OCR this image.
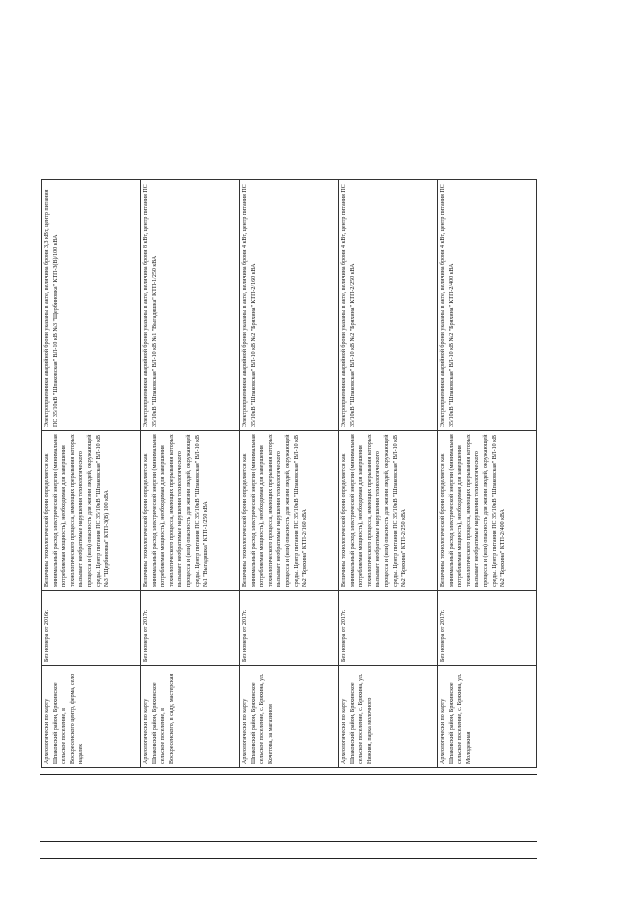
Археологически по карту Шпаковский район, Бряхинское сельское поселение, в Воскресенского центр, ферма, село надалек	Без номера от 2016г.	Величины технологической брони определяется как минимальный расход электрической энергии (минимальная потребляемая мощность), необходимая для завершения технологического процесса, имеющих прерывания которых вызывает необратимые нарушения технологического процесса и (или) опасность для жизни людей, окружающей среды. Центр питания ПС 35/10кВ "Шпаковская" ВЛ-10 кВ №3 "Щербиновка" КТП-3(В) 100 кВА	Электроприемники аварийной брони указаны в акте, величина брони 3,3 кВт, центр питания ПС 35/10кВ "Шпаковская" ВЛ-10 кВ №3 "Щербиновка" КТП-3(В)/100 кВА
Археологически по карту Шпаковский район, Бряхинское сельское поселение, в Воскресенского, в саду, мастерская	Без номера от 2017г.	Величины технологической брони определяется как минимальный расход электрической энергии (минимальная потребляемая мощность), необходимая для завершения технологического процесса, имеющих прерывания которых вызывает необратимые нарушения технологического процесса и (или) опасность для жизни людей, окружающей среды. Центр питания ПС 35/10кВ "Шпаковская" ВЛ-10 кВ №1 "Выгадяшка" КТП-1/250 кВА	Электроприемники аварийной брони указаны в акте, величина брони 8 кВт, центр питания ПС 35/10кВ "Шпаковская" ВЛ-10 кВ №1 "Выгадяшка" КТП-1/250 кВА
Археологически по карту Шпаковский район, Бряхинское сельское поселение, с. Бряхина, ул. Кочетова, за магазином	Без номера от 2017г.	Величины технологической брони определяется как минимальный расход электрической энергии (минимальная потребляемая мощность), необходимая для завершения технологического процесса, имеющих прерывания которых вызывает необратимые нарушения технологического процесса и (или) опасность для жизни людей, окружающей среды. Центр питания ПС 35/10кВ "Шпаковская" ВЛ-10 кВ №2 "Бряхина" КТП-2/160 кВА	Электроприемники аварийной брони указаны в акте, величина брони 4 кВт, центр питания ПС 35/10кВ "Шпаковская" ВЛ-10 кВ №2 "Бряхина" КТП-2/160 кВА
Археологически по карту Шпаковский район, Бряхинское сельское поселение, с. Бряхина, ул. Нижняя, парка молочного	Без номера от 2017г.	Величины технологической брони определяется как минимальный расход электрической энергии (минимальная потребляемая мощность), необходимая для завершения технологического процесса, имеющих прерывания которых вызывает необратимые нарушения технологического процесса и (или) опасность для жизни людей, окружающей среды. Центр питания ПС 35/10кВ "Шпаковская" ВЛ-10 кВ №2 "Бряхина" КТП-2/250 кВА	Электроприемники аварийной брони указаны в акте, величина брони 4 кВт, центр питания ПС 35/10кВ "Шпаковская" ВЛ-10 кВ №2 "Бряхина" КТП-2/250 кВА
Археологически по карту Шпаковский район, Бряхинское сельское поселение, с. Бряхина, ул. Молодежная	Без номера от 2017г.	Величины технологической брони определяется как минимальный расход электрической энергии (минимальная потребляемая мощность), необходимая для завершения технологического процесса, имеющих прерывания которых вызывает необратимые нарушения технологического процесса и (или) опасность для жизни людей, окружающей среды. Центр питания ПС 35/10кВ "Шпаковская" ВЛ-10 кВ №2 "Бряхина" КТП-2/400 кВА	Электроприемники аварийной брони указаны в акте, величина брони 4 кВт, центр питания ПС 35/10кВ "Шпаковская" ВЛ-10 кВ №2 "Бряхина" КТП-2/400 кВА
